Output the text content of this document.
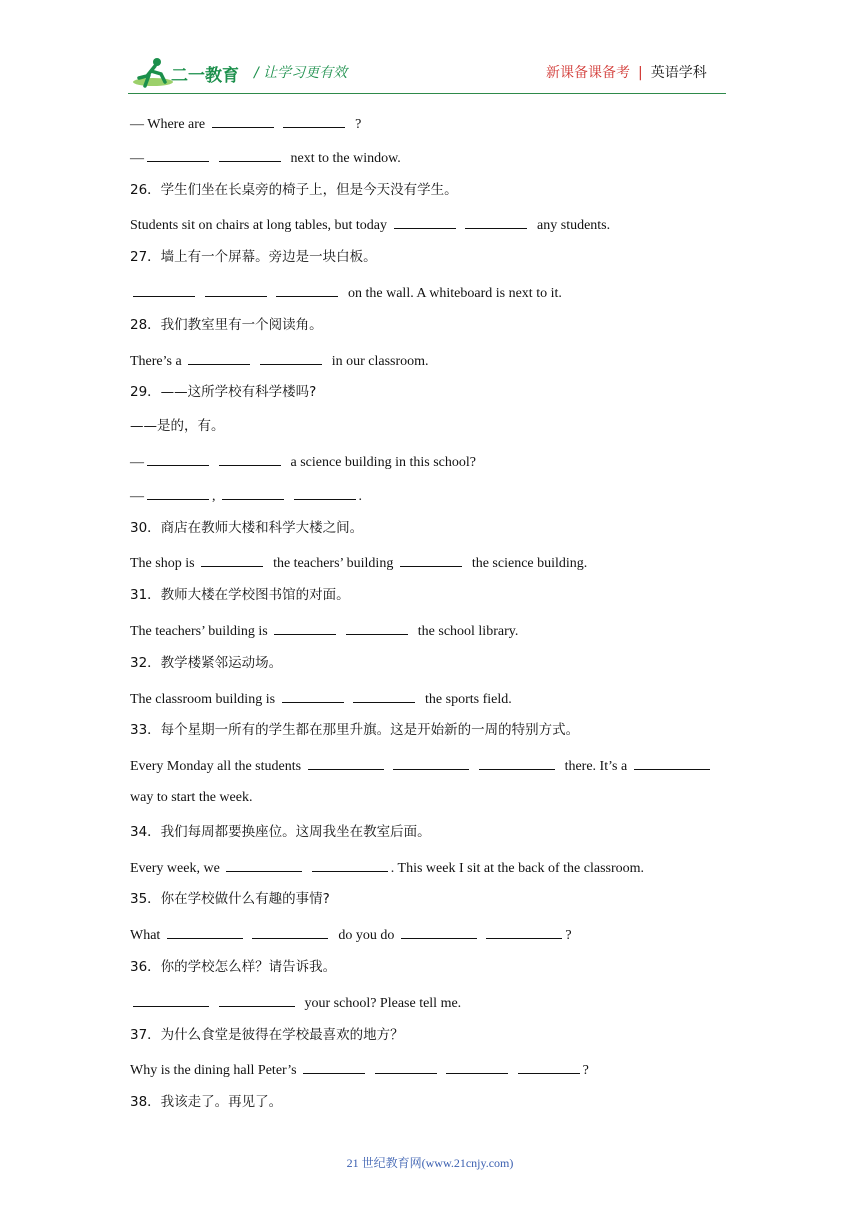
二一教育 / 让学习更有效	新课备课备考 | 英语学科
— Where are	?
—	next to the window.
26．学生们坐在长桌旁的椅子上，但是今天没有学生。
Students sit on chairs at long tables, but today	any students.
27．墙上有一个屏幕。旁边是一块白板。
on the wall. A whiteboard is next to it.
28．我们教室里有一个阅读角。
There’s a	in our classroom.
29．——这所学校有科学楼吗?
——是的，有。
—	a science building in this school?
—	,	.
30．商店在教师大楼和科学大楼之间。
The shop is	the teachers’ building	the science building.
31．教师大楼在学校图书馆的对面。
The teachers’ building is	the school library.
32．教学楼紧邻运动场。
The classroom building is	the sports field.
33．每个星期一所有的学生都在那里升旗。这是开始新的一周的特别方式。
Every Monday all the students	there. It’s a
way to start the week.
34．我们每周都要换座位。这周我坐在教室后面。
Every week, we	. This week I sit at the back of the classroom.
35．你在学校做什么有趣的事情?
What	do you do	?
36．你的学校怎么样？请告诉我。
your school? Please tell me.
37．为什么食堂是彼得在学校最喜欢的地方？
Why is the dining hall Peter’s	?
38．我该走了。再见了。
21 世纪教育网(www.21cnjy.com)
